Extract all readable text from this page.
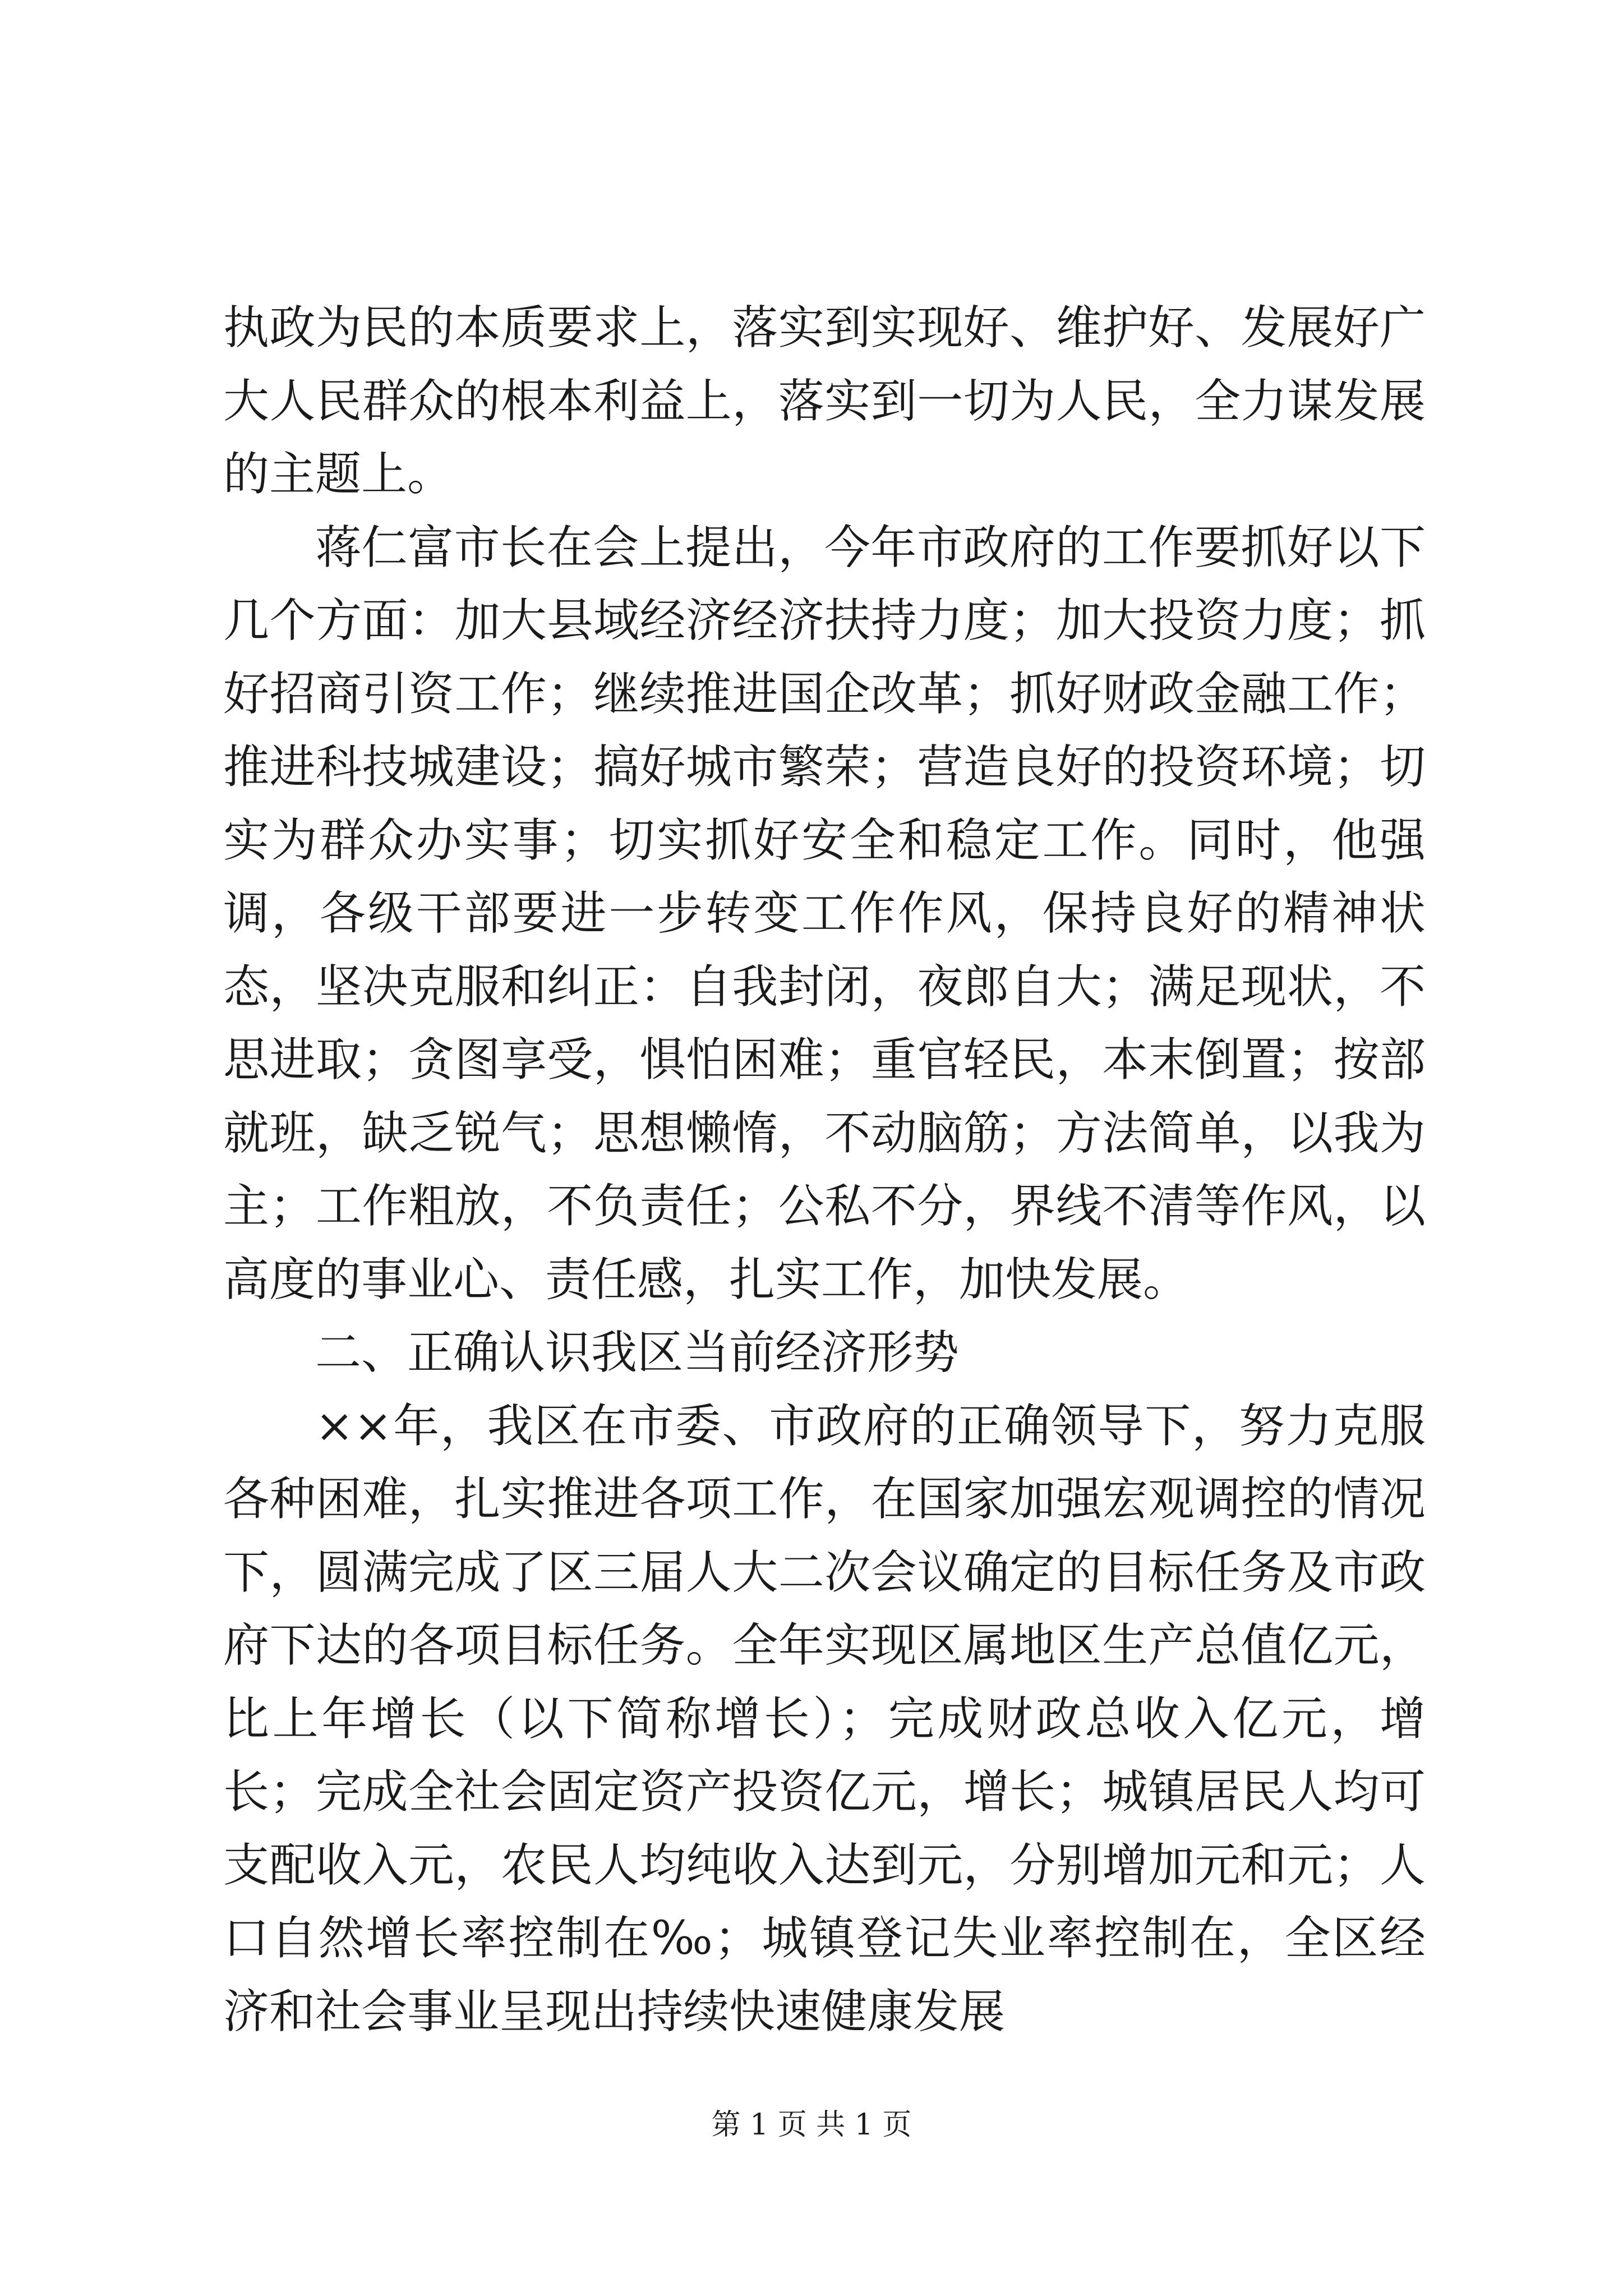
执政为民的本质要求上，落实到实现好、维护好、发展好广大人民群众的根本利益上，落实到一切为人民，全力谋发展的主题上。

蒋仁富市长在会上提出，今年市政府的工作要抓好以下几个方面：加大县域经济经济扶持力度；加大投资力度；抓好招商引资工作；继续推进国企改革；抓好财政金融工作；推进科技城建设；搞好城市繁荣；营造良好的投资环境；切实为群众办实事；切实抓好安全和稳定工作。同时，他强调，各级干部要进一步转变工作作风，保持良好的精神状态，坚决克服和纠正：自我封闭，夜郎自大；满足现状，不思进取；贪图享受，惧怕困难；重官轻民，本末倒置；按部就班，缺乏锐气；思想懒惰，不动脑筋；方法简单，以我为主；工作粗放，不负责任；公私不分，界线不清等作风，以高度的事业心、责任感，扎实工作，加快发展。

二、正确认识我区当前经济形势

××年，我区在市委、市政府的正确领导下，努力克服各种困难，扎实推进各项工作，在国家加强宏观调控的情况下，圆满完成了区三届人大二次会议确定的目标任务及市政府下达的各项目标任务。全年实现区属地区生产总值亿元，比上年增长（以下简称增长）；完成财政总收入亿元，增长；完成全社会固定资产投资亿元，增长；城镇居民人均可支配收入元，农民人均纯收入达到元，分别增加元和元；人口自然增长率控制在‰；城镇登记失业率控制在，全区经济和社会事业呈现出持续快速健康发展

第 1 页 共 1 页
